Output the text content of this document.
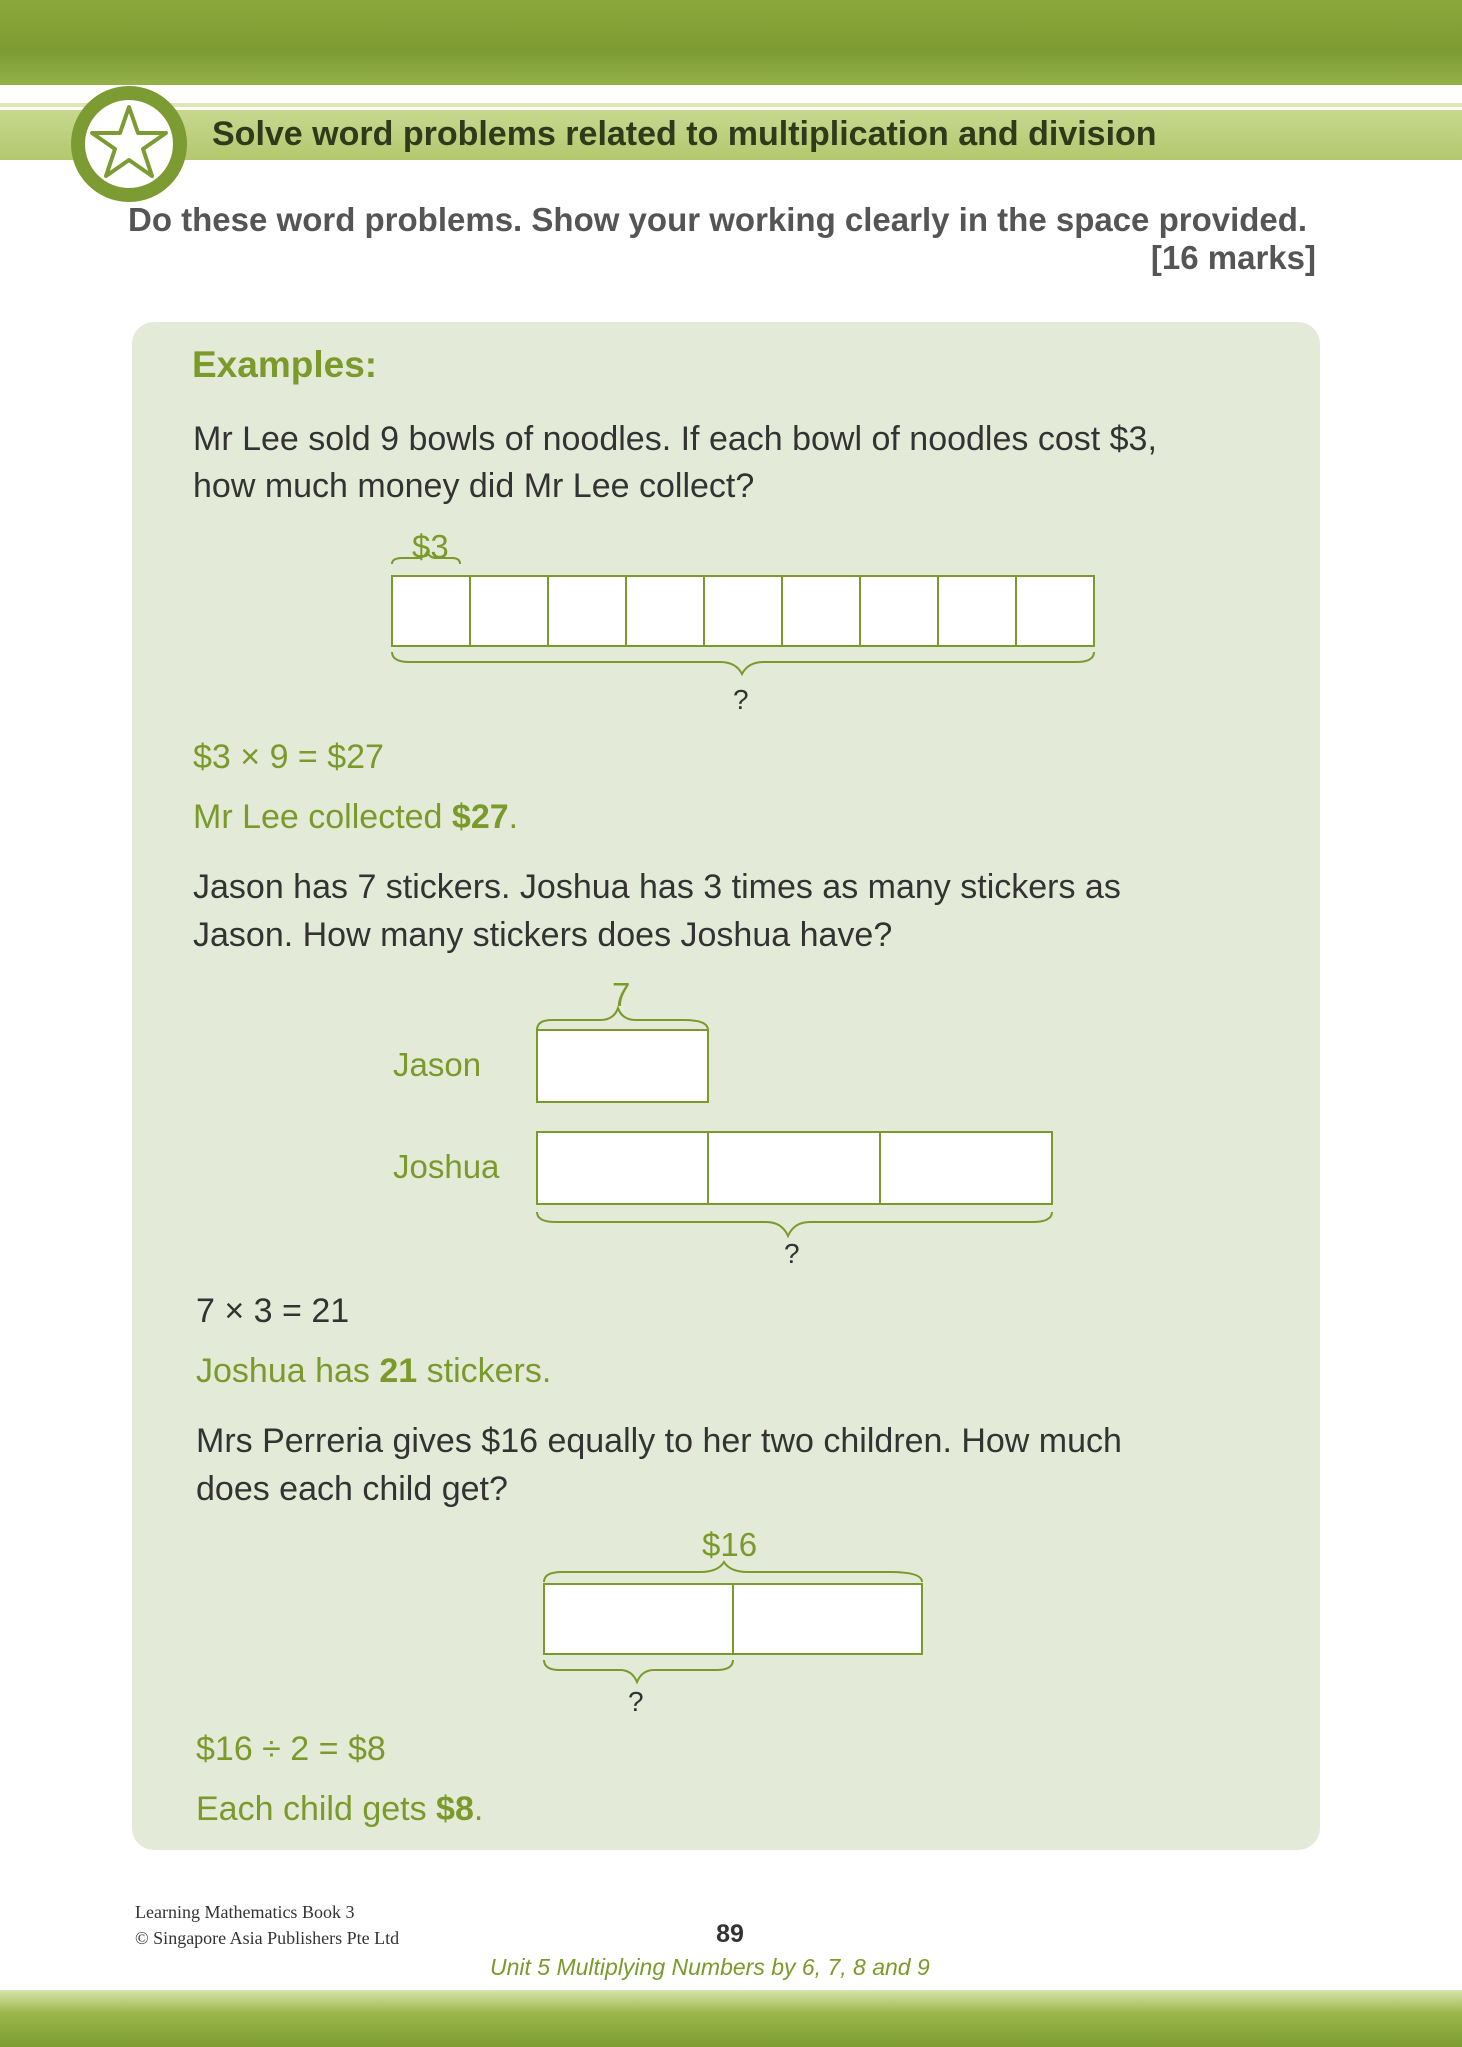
Solve word problems related to multiplication and division
Do these word problems. Show your working clearly in the space provided.
[16 marks]
Examples:
Mr Lee sold 9 bowls of noodles. If each bowl of noodles cost $3,
how much money did Mr Lee collect?
$3
?
$3 × 9 = $27
Mr Lee collected $27.
Jason has 7 stickers. Joshua has 3 times as many stickers as
Jason. How many stickers does Joshua have?
7
Jason
Joshua
?
7 × 3 = 21
Joshua has 21 stickers.
Mrs Perreria gives $16 equally to her two children. How much
does each child get?
$16
?
$16 ÷ 2 = $8
Each child gets $8.
Learning Mathematics Book 3
© Singapore Asia Publishers Pte Ltd	89
Unit 5 Multiplying Numbers by 6, 7, 8 and 9
